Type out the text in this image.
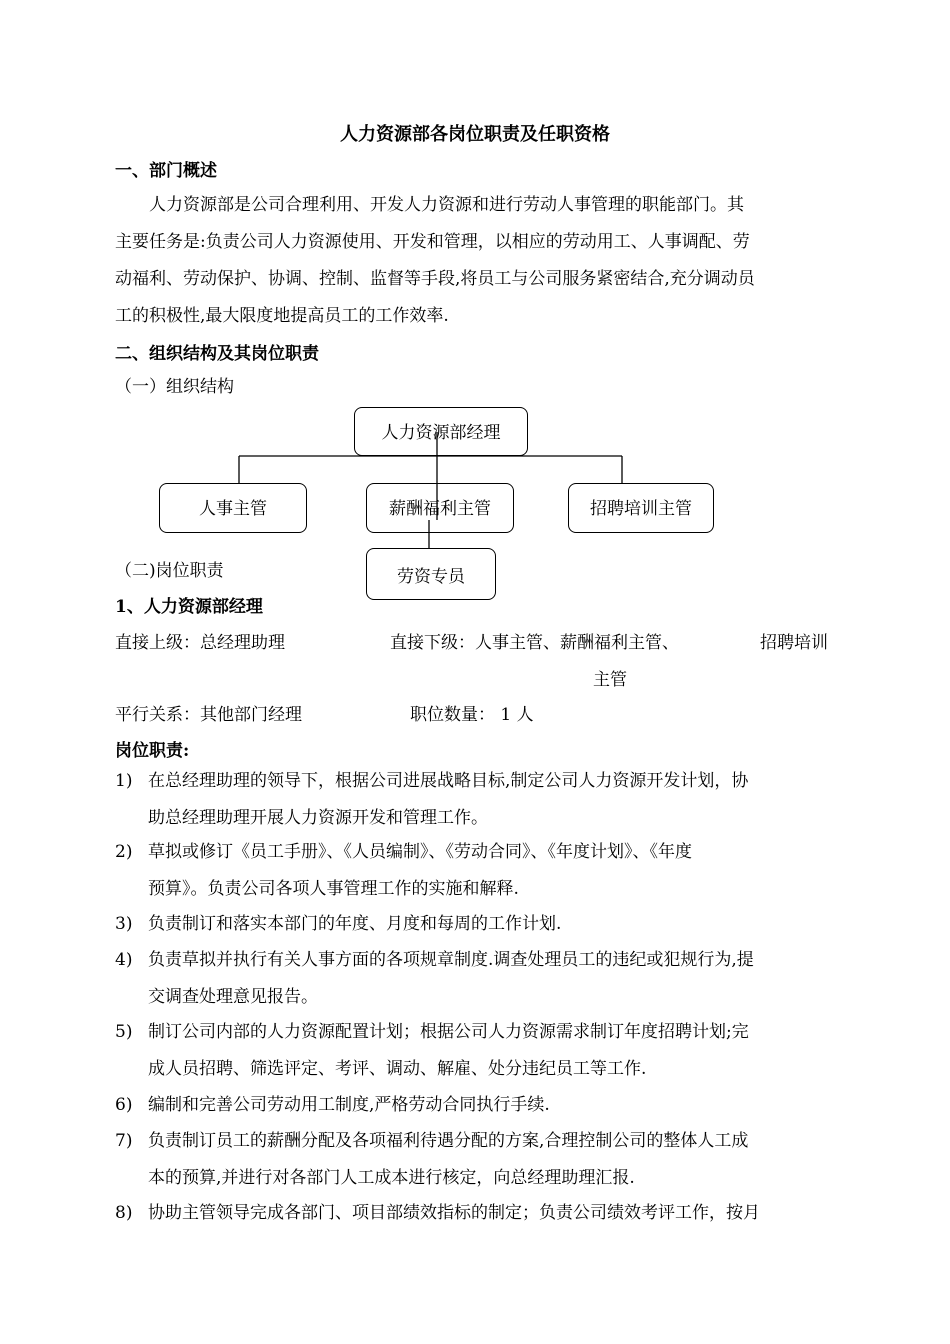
人力资源部各岗位职责及任职资格
一、部门概述
人力资源部是公司合理利用、开发人力资源和进行劳动人事管理的职能部门。其
主要任务是:负责公司人力资源使用、开发和管理，以相应的劳动用工、人事调配、劳
动福利、劳动保护、协调、控制、监督等手段,将员工与公司服务紧密结合,充分调动员
工的积极性,最大限度地提高员工的工作效率.
二、组织结构及其岗位职责
（一）组织结构
人力资源部经理
人事主管	薪酬福利主管	招聘培训主管
劳资专员
（二)岗位职责
1、人力资源部经理
直接上级：总经理助理	直接下级：人事主管、薪酬福利主管、	招聘培训
主管
平行关系：其他部门经理	职位数量： 1 人
岗位职责:
1) 在总经理助理的领导下，根据公司进展战略目标,制定公司人力资源开发计划，协
助总经理助理开展人力资源开发和管理工作。
2) 草拟或修订《员工手册》、《人员编制》、《劳动合同》、《年度计划》、《年度
预算》。负责公司各项人事管理工作的实施和解释.
3) 负责制订和落实本部门的年度、月度和每周的工作计划.
4) 负责草拟并执行有关人事方面的各项规章制度.调查处理员工的违纪或犯规行为,提
交调查处理意见报告。
5) 制订公司内部的人力资源配置计划；根据公司人力资源需求制订年度招聘计划;完
成人员招聘、筛选评定、考评、调动、解雇、处分违纪员工等工作.
6) 编制和完善公司劳动用工制度,严格劳动合同执行手续.
7) 负责制订员工的薪酬分配及各项福利待遇分配的方案,合理控制公司的整体人工成
本的预算,并进行对各部门人工成本进行核定，向总经理助理汇报.
8) 协助主管领导完成各部门、项目部绩效指标的制定；负责公司绩效考评工作，按月
